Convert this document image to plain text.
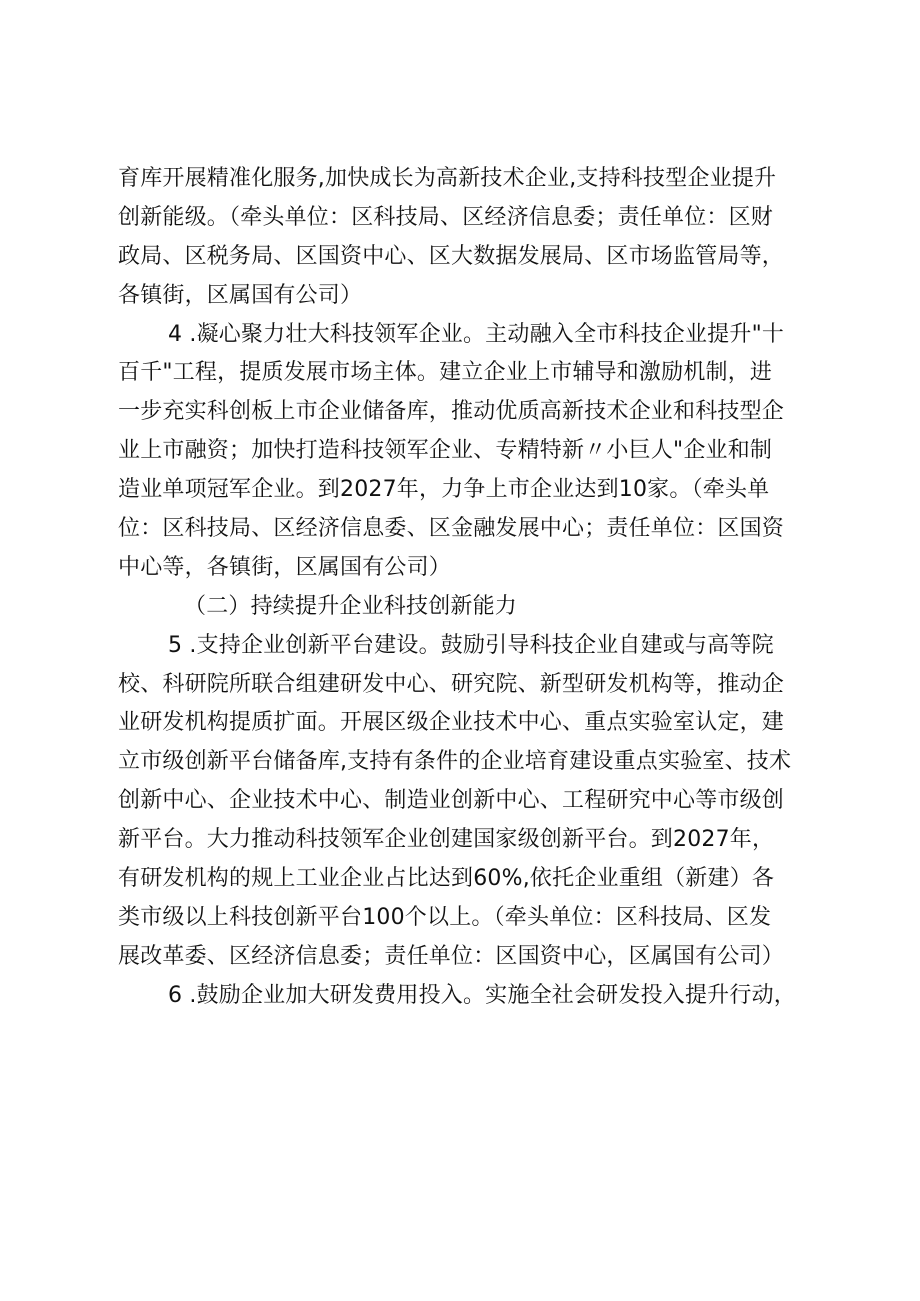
育库开展精准化服务,加快成长为高新技术企业,支持科技型企业提升
创新能级。（牵头单位：区科技局、区经济信息委；责任单位：区财
政局、区税务局、区国资中心、区大数据发展局、区市场监管局等，
各镇街，区属国有公司）
4 .凝心聚力壮大科技领军企业。主动融入全市科技企业提升"十
百千"工程，提质发展市场主体。建立企业上市辅导和激励机制，进
一步充实科创板上市企业储备库，推动优质高新技术企业和科技型企
业上市融资；加快打造科技领军企业、专精特新〃小巨人"企业和制
造业单项冠军企业。到2027年，力争上市企业达到10家。（牵头单
位：区科技局、区经济信息委、区金融发展中心；责任单位：区国资
中心等，各镇街，区属国有公司）
（二）持续提升企业科技创新能力
5 .支持企业创新平台建设。鼓励引导科技企业自建或与高等院
校、科研院所联合组建研发中心、研究院、新型研发机构等，推动企
业研发机构提质扩面。开展区级企业技术中心、重点实验室认定，建
立市级创新平台储备库,支持有条件的企业培育建设重点实验室、技术
创新中心、企业技术中心、制造业创新中心、工程研究中心等市级创
新平台。大力推动科技领军企业创建国家级创新平台。到2027年，
有研发机构的规上工业企业占比达到60%,依托企业重组（新建）各
类市级以上科技创新平台100个以上。（牵头单位：区科技局、区发
展改革委、区经济信息委；责任单位：区国资中心，区属国有公司）
6 .鼓励企业加大研发费用投入。实施全社会研发投入提升行动，
